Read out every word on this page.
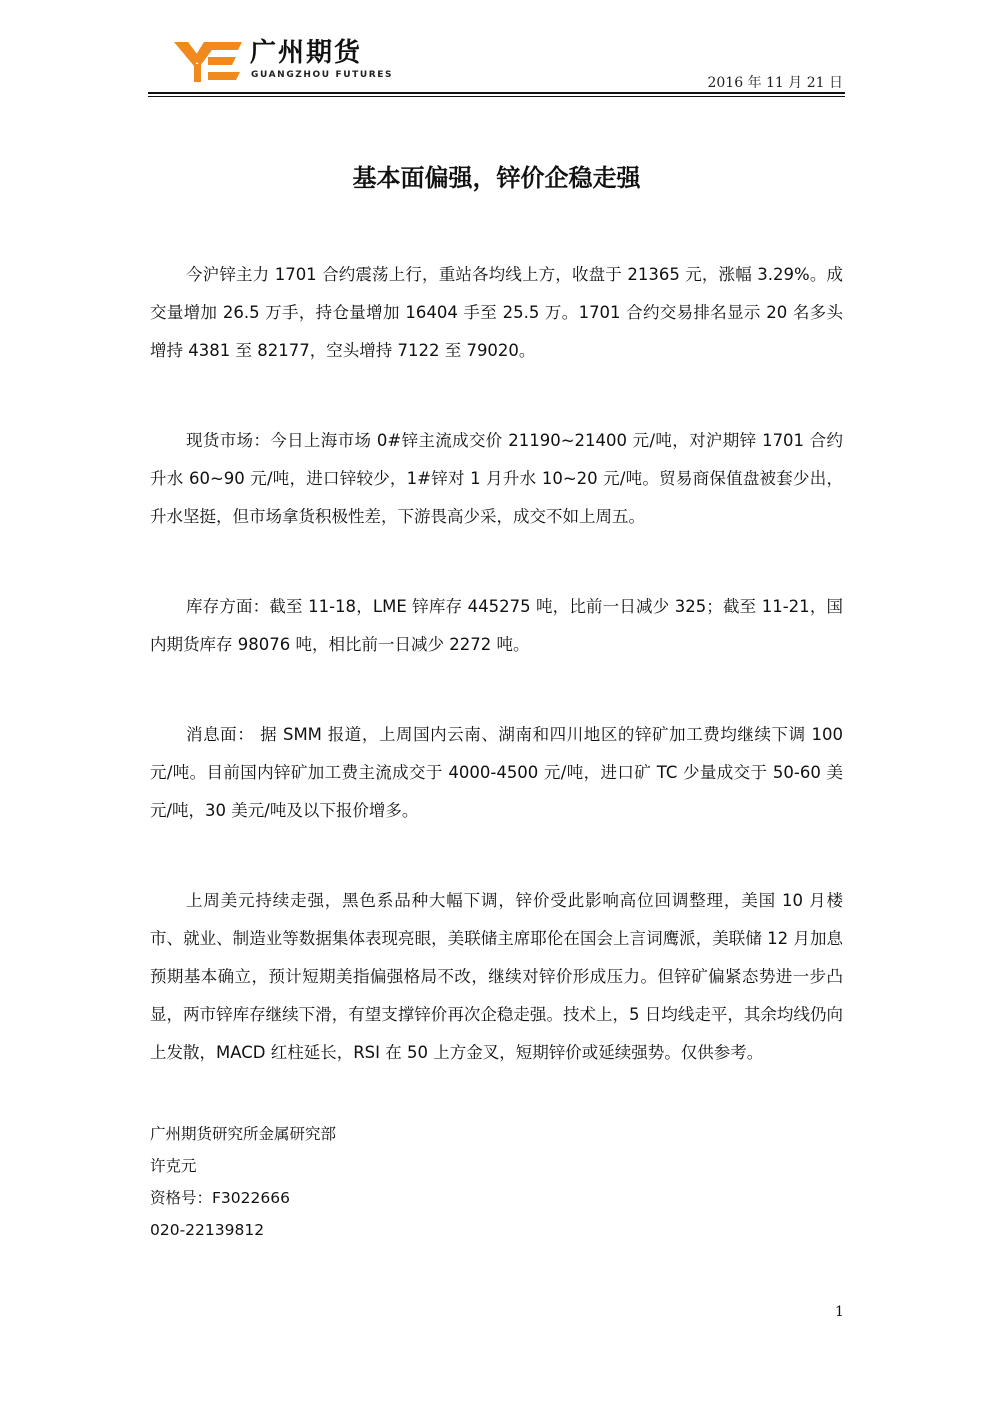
广州期货
GUANGZHOU FUTURES	2016 年 11 月 21 日
基本面偏强，锌价企稳走强

今沪锌主力 1701 合约震荡上行，重站各均线上方，收盘于 21365 元，涨幅 3.29%。成交量增加 26.5 万手，持仓量增加 16404 手至 25.5 万。1701 合约交易排名显示 20 名多头增持 4381 至 82177，空头增持 7122 至 79020。

现货市场：今日上海市场 0#锌主流成交价 21190~21400 元/吨，对沪期锌 1701 合约升水 60~90 元/吨，进口锌较少，1#锌对 1 月升水 10~20 元/吨。贸易商保值盘被套少出，升水坚挺，但市场拿货积极性差，下游畏高少采，成交不如上周五。

库存方面：截至 11-18，LME 锌库存 445275 吨，比前一日减少 325；截至 11-21，国内期货库存 98076 吨，相比前一日减少 2272 吨。

消息面： 据 SMM 报道，上周国内云南、湖南和四川地区的锌矿加工费均继续下调 100 元/吨。目前国内锌矿加工费主流成交于 4000-4500 元/吨，进口矿 TC 少量成交于 50-60 美元/吨，30 美元/吨及以下报价增多。

上周美元持续走强，黑色系品种大幅下调，锌价受此影响高位回调整理，美国 10 月楼市、就业、制造业等数据集体表现亮眼，美联储主席耶伦在国会上言词鹰派，美联储 12 月加息预期基本确立，预计短期美指偏强格局不改，继续对锌价形成压力。但锌矿偏紧态势进一步凸显，两市锌库存继续下滑，有望支撑锌价再次企稳走强。技术上，5 日均线走平，其余均线仍向上发散，MACD 红柱延长，RSI 在 50 上方金叉，短期锌价或延续强势。仅供参考。

广州期货研究所金属研究部
许克元
资格号：F3022666
020-22139812
1
